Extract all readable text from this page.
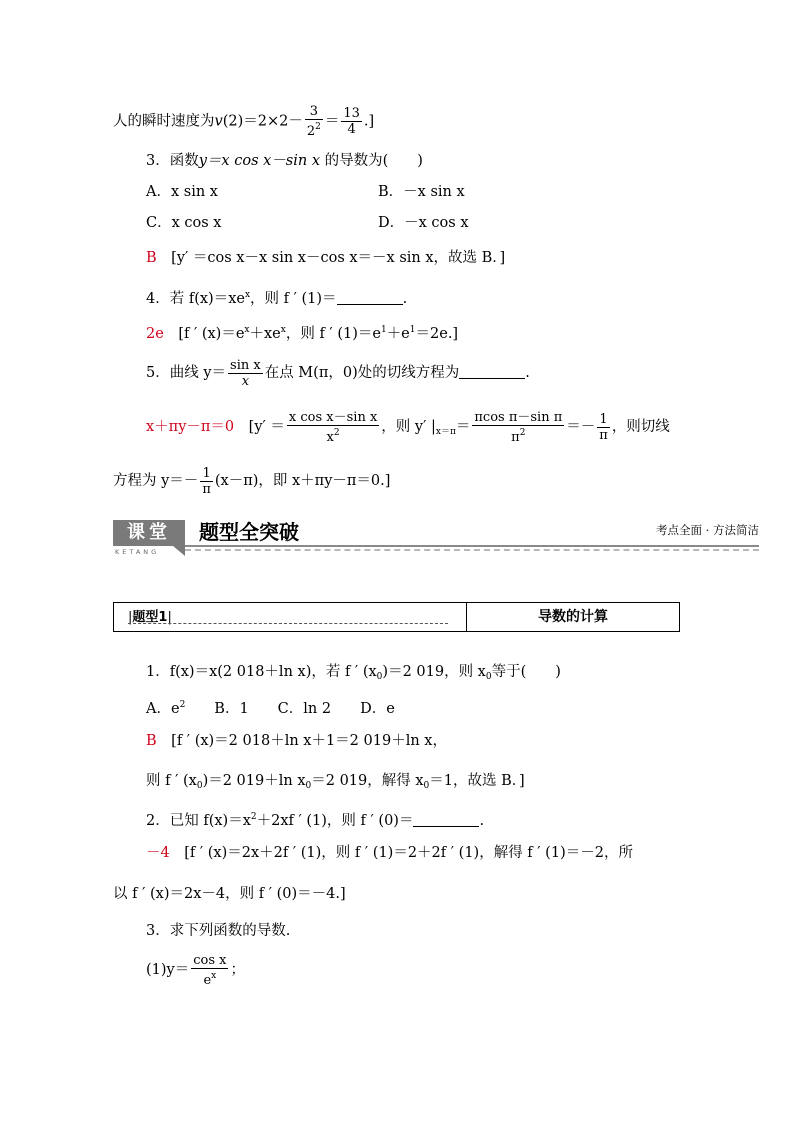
人的瞬时速度为$v(2)=2\times 2- \frac{3}{2^2} = \frac{13}{4}$ .]
3．函数y＝x cos x－sin x 的导数为(　　)
A．x sin x	B．－x sin x
C．x cos x	D．－x cos x
B　 [y′ ＝cos x－x sin x－cos x＝－x sin x，故选 B．]
4．若 $f(x)=xe^x$，则 f ′ (1)＝	.
2e　 [f ′ $(x)=e^x+xe^x$，则 f ′ $(1)=e^1+e^1=2e$.]
5．曲线 $y= \frac{\text{sin x}}{x}$ 在点 M(π，0)处的切线方程为	.
x＋πy－π＝0　 [$y' = \frac{\text{x cos x－sin x}}{x^2}$ ，则 y′ $|_{x=\pi}= \frac{\text{πcos π－sin π}}{\pi^2} =- \frac{1}{\pi}$ ，则切线
方程为 $y=- \frac{1}{\pi} (x-\pi)$，即 x＋πy－π＝0.]
课堂
KETANG
题型全突破	考点全面 · 方法简洁
|题型1|	导数的计算
1．f(x)＝x(2 018＋ln x)，若 f ′ $(x_0)=2$ 019，则 $x_0$等于(　　)
A．$e^2$　　B．1　　C．ln 2　　D．e
B　 [f ′ (x)＝2 018＋ln x＋1＝2 019＋ln x，
则 f ′ $(x_0)=2$ 019＋ln $x_0=2$ 019，解得 $x_0=1$，故选 B．]
2．已知 $f(x)=x^2+2xf$ ′ (1)，则 f ′ (0)＝	.
－4　 [f ′ (x)＝2x＋2f ′ (1)，则 f ′ (1)＝2＋2f ′ (1)，解得 f ′ (1)＝－2，所
以 f ′ (x)＝2x－4，则 f ′ (0)＝－4.]
3．求下列函数的导数.
$(1)y= \frac{\text{cos x}}{e^x}$ ；
